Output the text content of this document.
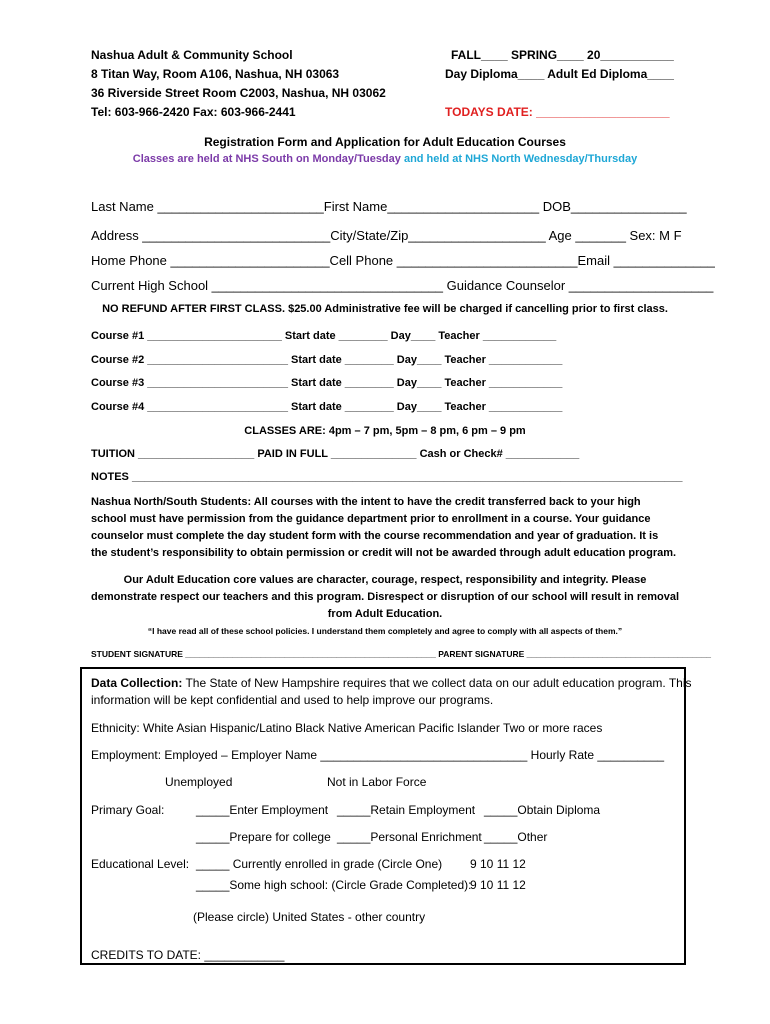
Nashua Adult & Community School
8 Titan Way, Room A106, Nashua, NH 03063
36 Riverside Street Room C2003, Nashua, NH 03062
Tel: 603-966-2420 Fax: 603-966-2441
FALL____ SPRING____ 20___________
Day Diploma____ Adult Ed Diploma____
TODAYS DATE: ____________________
Registration Form and Application for Adult Education Courses
Classes are held at NHS South on Monday/Tuesday and held at NHS North Wednesday/Thursday
Last Name _______________________First Name_____________________ DOB________________
Address __________________________City/State/Zip___________________ Age _______ Sex: M F
Home Phone ______________________Cell Phone _________________________Email ______________
Current High School ________________________________ Guidance Counselor ____________________
NO REFUND AFTER FIRST CLASS. $25.00 Administrative fee will be charged if cancelling prior to first class.
Course #1 ______________________ Start date ________ Day____ Teacher ____________
Course #2 _______________________ Start date ________ Day____ Teacher ____________
Course #3 _______________________ Start date ________ Day____ Teacher ____________
Course #4 _______________________ Start date ________ Day____ Teacher ____________
CLASSES ARE: 4pm – 7 pm, 5pm – 8 pm, 6 pm – 9 pm
TUITION ___________________ PAID IN FULL ______________ Cash or Check# ____________
NOTES __________________________________________________________________________________________
Nashua North/South Students: All courses with the intent to have the credit transferred back to your high
school must have permission from the guidance department prior to enrollment in a course. Your guidance
counselor must complete the day student form with the course recommendation and year of graduation. It is
the student’s responsibility to obtain permission or credit will not be awarded through adult education program.
Our Adult Education core values are character, courage, respect, responsibility and integrity. Please
demonstrate respect our teachers and this program. Disrespect or disruption of our school will result in removal
from Adult Education.
“I have read all of these school policies. I understand them completely and agree to comply with all aspects of them.”
STUDENT SIGNATURE _____________________________________________________ PARENT SIGNATURE _______________________________________
Data Collection: The State of New Hampshire requires that we collect data on our adult education program. This
information will be kept confidential and used to help improve our programs.
Ethnicity: White Asian Hispanic/Latino Black Native American Pacific Islander Two or more races
Employment: Employed – Employer Name _______________________________ Hourly Rate __________
Unemployed	Not in Labor Force
Primary Goal:	_____Enter Employment _____Retain Employment _____Obtain Diploma
_____Prepare for college _____Personal Enrichment _____Other
Educational Level: _____ Currently enrolled in grade (Circle One) 9 10 11 12
_____Some high school: (Circle Grade Completed):
9 10 11 12
(Please circle) United States - other country
CREDITS TO DATE: ____________
